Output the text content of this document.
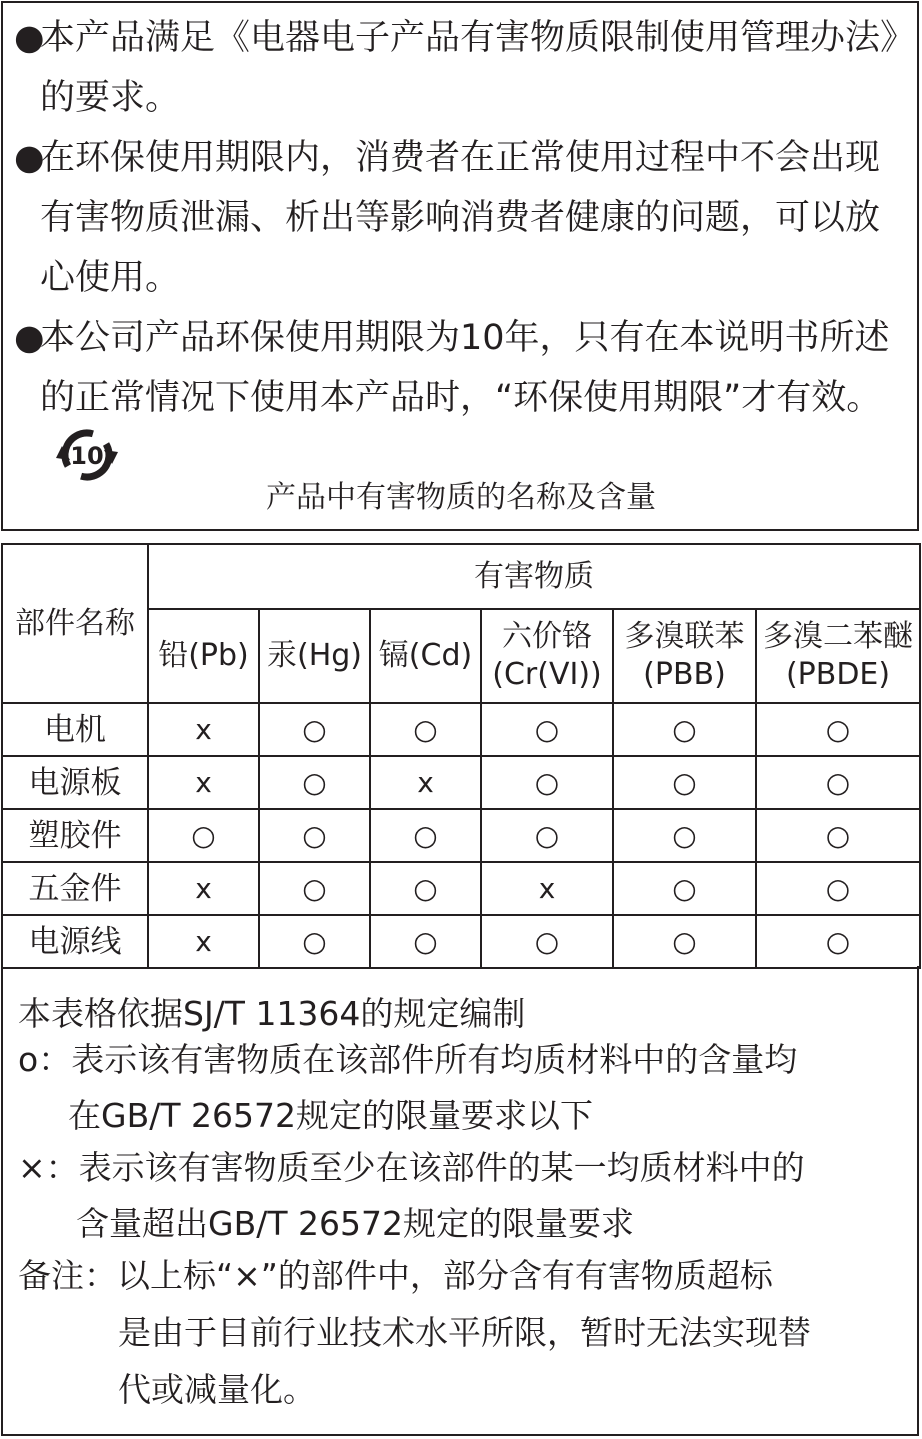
●
本产品满足《电器电子产品有害物质限制使用管理办法》的要求。
●
在环保使用期限内，消费者在正常使用过程中不会出现有害物质泄漏、析出等影响消费者健康的问题，可以放心使用。
●
本公司产品环保使用期限为10年，只有在本说明书所述的正常情况下使用本产品时，“环保使用期限”才有效。
10
产品中有害物质的名称及含量
部件名称	有害物质					
	铅(Pb)	汞(Hg)	镉(Cd)	六价铬 (Cr(VI))	多溴联苯 (PBB)	多溴二苯醚 (PBDE)
电机	x	○	○	○	○	○
电源板	x	○	x	○	○	○
塑胶件	○	○	○	○	○	○
五金件	x	○	○	x	○	○
电源线	x	○	○	○	○	○
本表格依据SJ/T 11364的规定编制
o：表示该有害物质在该部件所有均质材料中的含量均
在GB/T 26572规定的限量要求以下
×：表示该有害物质至少在该部件的某一均质材料中的
含量超出GB/T 26572规定的限量要求
备注：以上标“×”的部件中，部分含有有害物质超标
是由于目前行业技术水平所限，暂时无法实现替
代或减量化。
